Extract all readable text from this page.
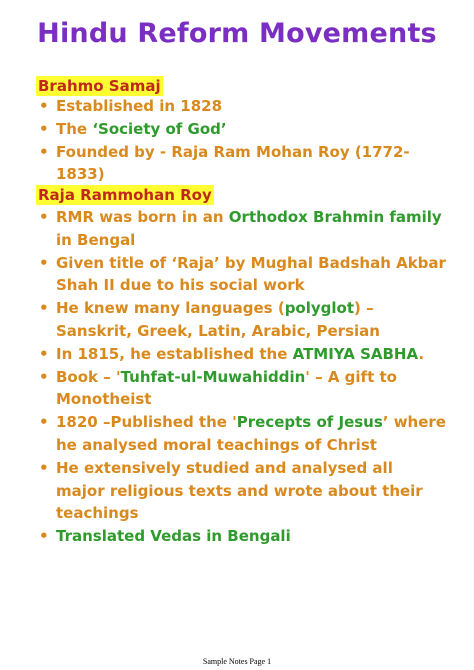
Hindu Reform Movements
Brahmo Samaj
• Established in 1828
• The ‘Society of God’
• Founded by - Raja Ram Mohan Roy (1772-1833)
Raja Rammohan Roy
• RMR was born in an Orthodox Brahmin family in Bengal
• Given title of ‘Raja’ by Mughal Badshah Akbar Shah II due to his social work
• He knew many languages (polyglot) – Sanskrit, Greek, Latin, Arabic, Persian
• In 1815, he established the ATMIYA SABHA.
• Book – 'Tuhfat-ul-Muwahiddin' – A gift to Monotheist
• 1820 –Published the 'Precepts of Jesus’ where he analysed moral teachings of Christ
• He extensively studied and analysed all major religious texts and wrote about their teachings
• Translated Vedas in Bengali
Sample Notes Page 1
